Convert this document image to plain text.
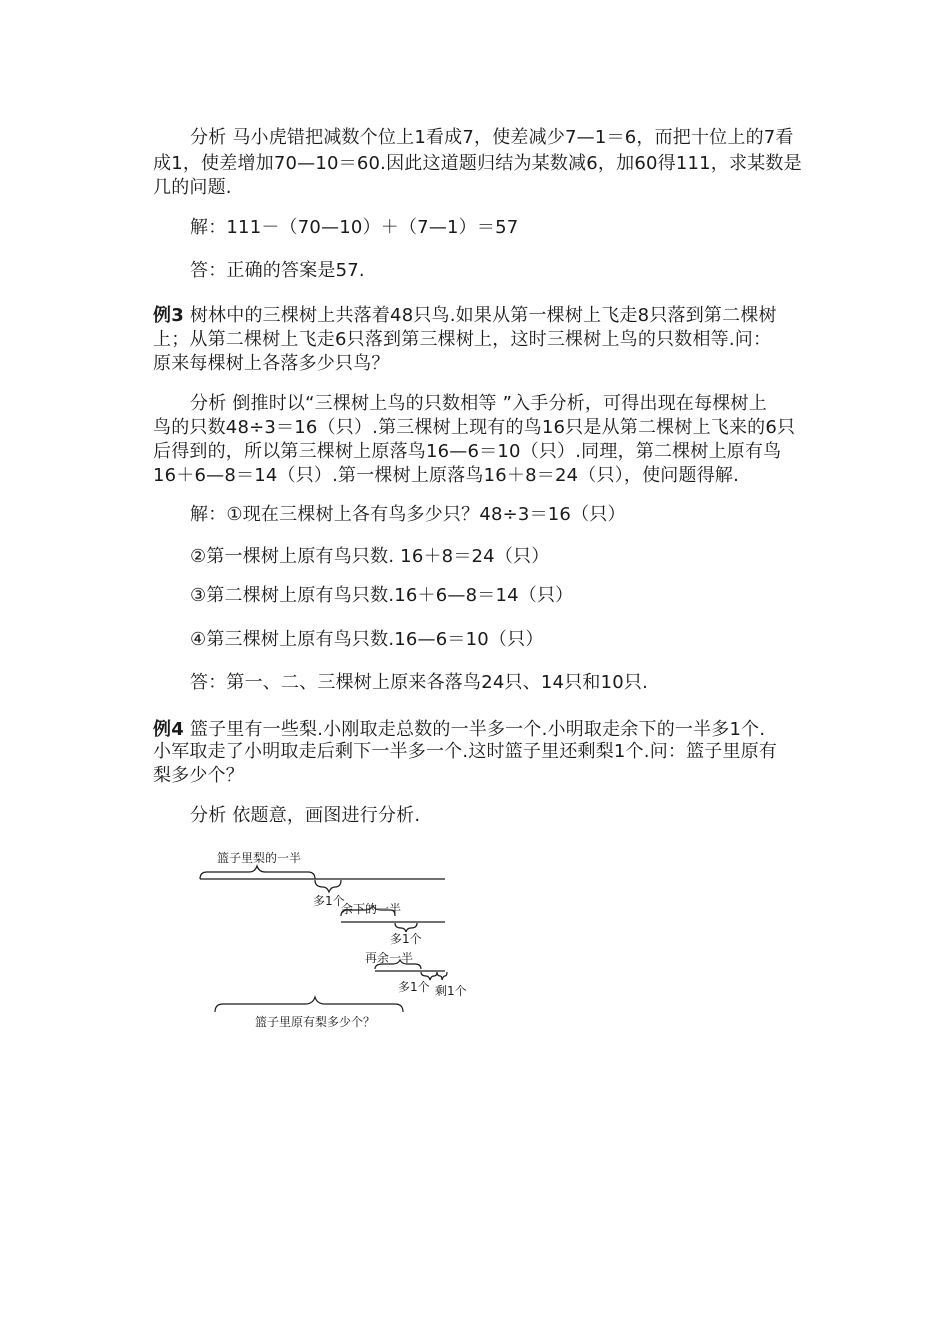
分析 马小虎错把减数个位上1看成7，使差减少7—1＝6，而把十位上的7看
成1，使差增加70—10＝60.因此这道题归结为某数减6，加60得111，求某数是
几的问题.
解：111－（70—10）＋（7—1）＝57
答：正确的答案是57.
例3 树林中的三棵树上共落着48只鸟.如果从第一棵树上飞走8只落到第二棵树
上；从第二棵树上飞走6只落到第三棵树上，这时三棵树上鸟的只数相等.问：
原来每棵树上各落多少只鸟？
分析 倒推时以“三棵树上鸟的只数相等 ”入手分析，可得出现在每棵树上
鸟的只数48÷3＝16（只）.第三棵树上现有的鸟16只是从第二棵树上飞来的6只
后得到的，所以第三棵树上原落鸟16—6＝10（只）.同理，第二棵树上原有鸟
16＋6—8＝14（只）.第一棵树上原落鸟16＋8＝24（只），使问题得解.
解：①现在三棵树上各有鸟多少只？48÷3＝16（只）
②第一棵树上原有鸟只数. 16＋8＝24（只）
③第二棵树上原有鸟只数.16＋6—8＝14（只）
④第三棵树上原有鸟只数.16—6＝10（只）
答：第一、二、三棵树上原来各落鸟24只、14只和10只.
例4 篮子里有一些梨.小刚取走总数的一半多一个.小明取走余下的一半多1个.
小军取走了小明取走后剩下一半多一个.这时篮子里还剩梨1个.问：篮子里原有
梨多少个？
分析 依题意，画图进行分析.
篮子里梨的一半
多1个
余下的一半
多1个
再余一半
多1个 剩1个
篮子里原有梨多少个？
